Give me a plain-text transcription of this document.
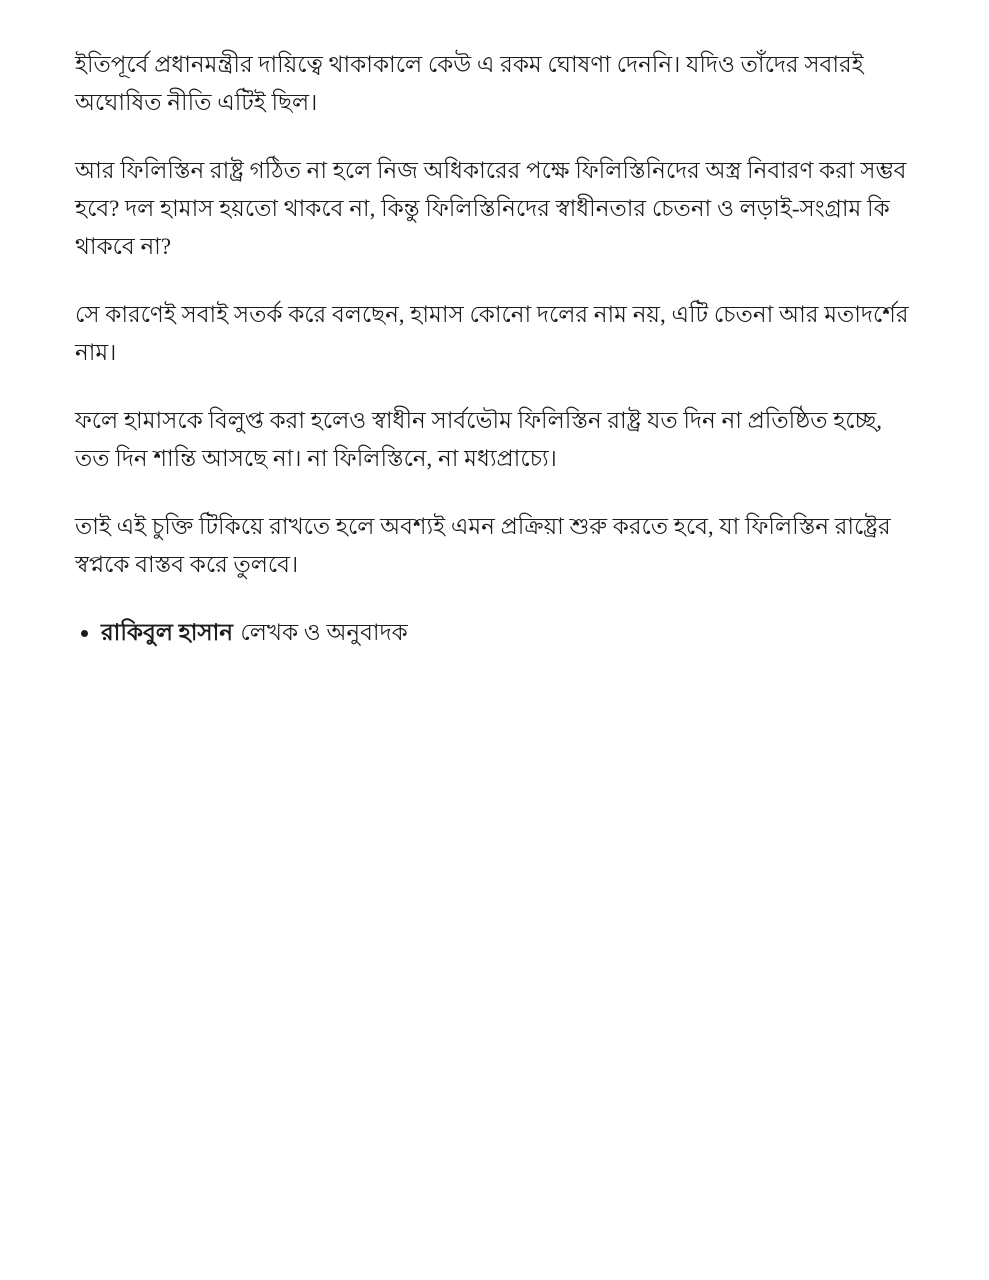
ইতিপূর্বে প্রধানমন্ত্রীর দায়িত্বে থাকাকালে কেউ এ রকম ঘোষণা দেননি। যদিও তাঁদের সবারই অঘোষিত নীতি এটিই ছিল।

আর ফিলিস্তিন রাষ্ট্র গঠিত না হলে নিজ অধিকারের পক্ষে ফিলিস্তিনিদের অস্ত্র নিবারণ করা সম্ভব হবে? দল হামাস হয়তো থাকবে না, কিন্তু ফিলিস্তিনিদের স্বাধীনতার চেতনা ও লড়াই-সংগ্রাম কি থাকবে না?

সে কারণেই সবাই সতর্ক করে বলছেন, হামাস কোনো দলের নাম নয়, এটি চেতনা আর মতাদর্শের নাম।

ফলে হামাসকে বিলুপ্ত করা হলেও স্বাধীন সার্বভৌম ফিলিস্তিন রাষ্ট্র যত দিন না প্রতিষ্ঠিত হচ্ছে, তত দিন শান্তি আসছে না। না ফিলিস্তিনে, না মধ্যপ্রাচ্যে।

তাই এই চুক্তি টিকিয়ে রাখতে হলে অবশ্যই এমন প্রক্রিয়া শুরু করতে হবে, যা ফিলিস্তিন রাষ্ট্রের স্বপ্নকে বাস্তব করে তুলবে।

• রাকিবুল হাসান লেখক ও অনুবাদক
